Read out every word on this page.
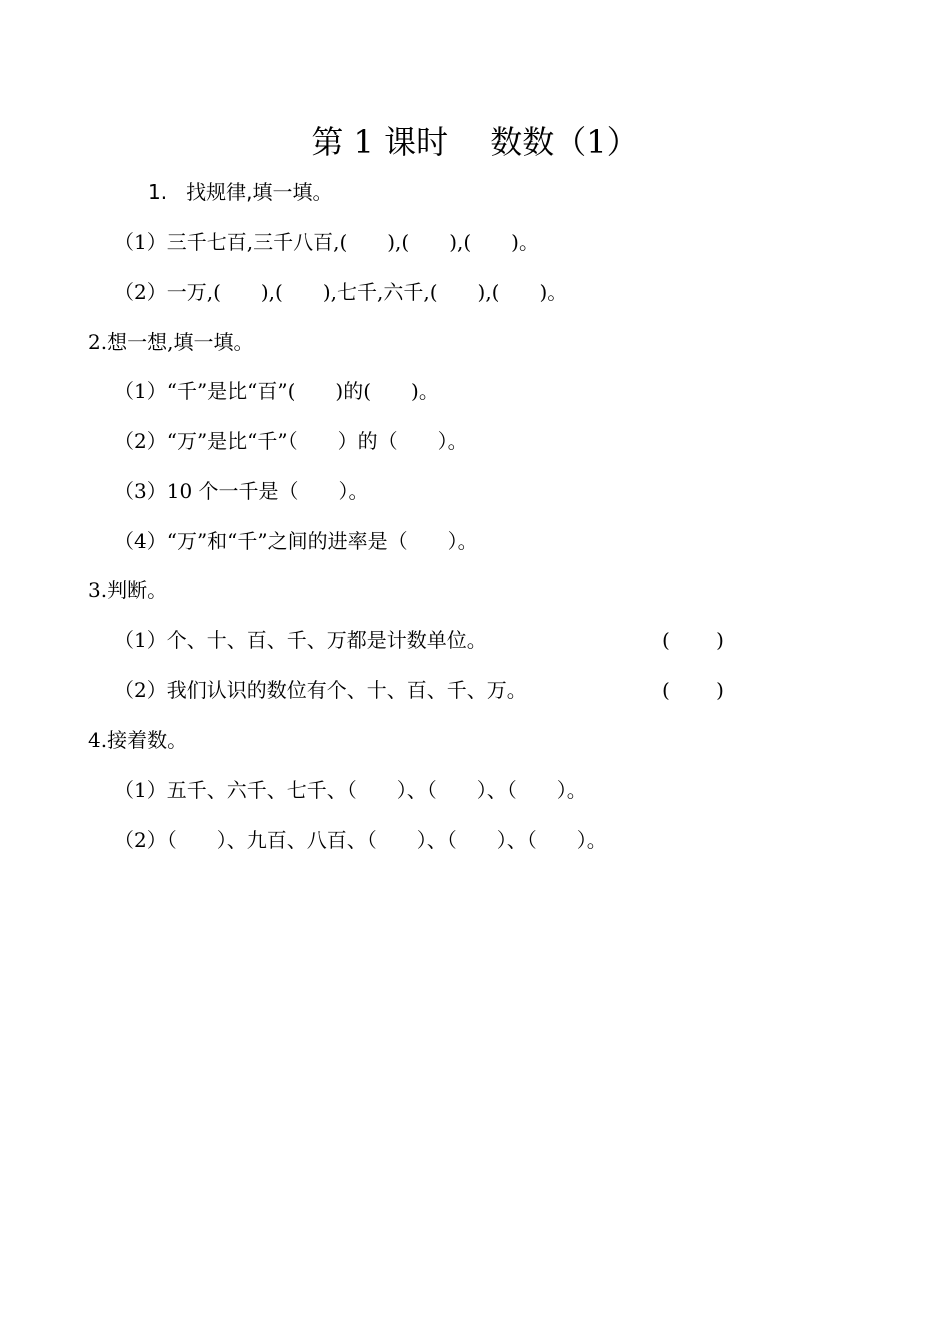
第 1 课时　 数数（1）
1.   找规律,填一填。
（1）三千七百,三千八百,(　　),(　　),(　　)。
（2）一万,(　　),(　　),七千,六千,(　　),(　　)。
2.想一想,填一填。
（1）“千”是比“百”(　　)的(　　)。
（2）“万”是比“千”（　　）的（　　）。
（3）10 个一千是（　　）。
（4）“万”和“千”之间的进率是（　　）。
3.判断。
（1）个、十、百、千、万都是计数单位。	(　　 )
（2）我们认识的数位有个、十、百、千、万。	(　　 )
4.接着数。
（1）五千、六千、七千、（　　）、（　　）、（　　）。
（2）（　　）、九百、八百、（　　）、（　　）、（　　）。
